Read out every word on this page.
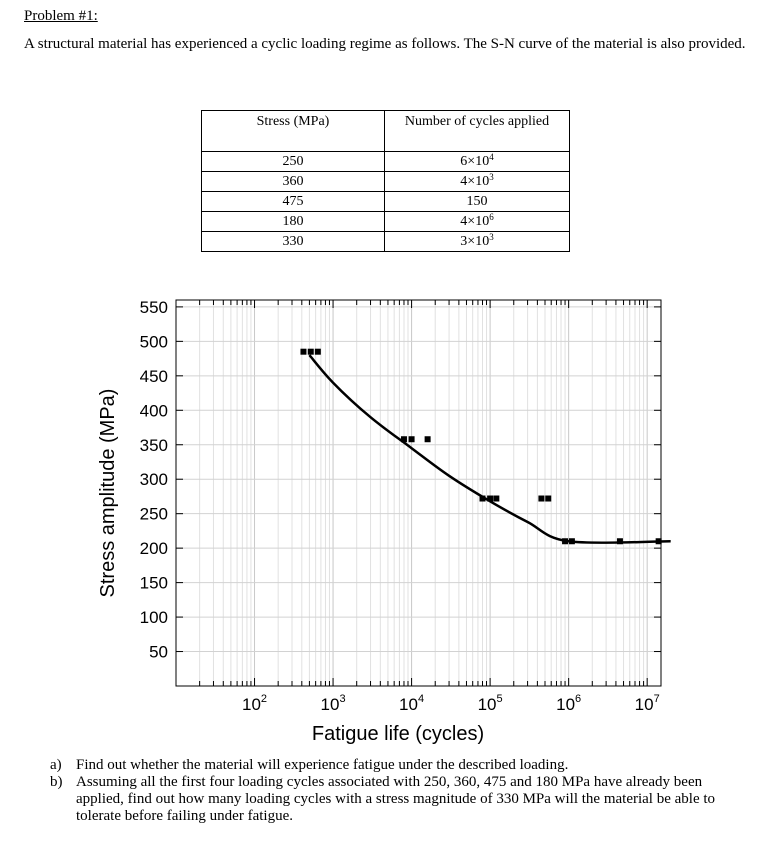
Problem #1:
A structural material has experienced a cyclic loading regime as follows. The S-N curve of the material is also provided.
Stress (MPa)	Number of cycles applied
250	$6\times 10^4$
360	$4\times 10^3$
475	150
180	$4\times 10^6$
330	$3\times 10^3$
50
100
150
200
250
300
350
400
450
500
550
$10^2$	$10^3$	$10^4$	$10^5$	$10^6$	$10^7$
Fatigue life (cycles)
Stress amplitude (MPa)
a) Find out whether the material will experience fatigue under the described loading.
b) Assuming all the first four loading cycles associated with 250, 360, 475 and 180 MPa have already been applied, find out how many loading cycles with a stress magnitude of 330 MPa will the material be able to tolerate before failing under fatigue.
